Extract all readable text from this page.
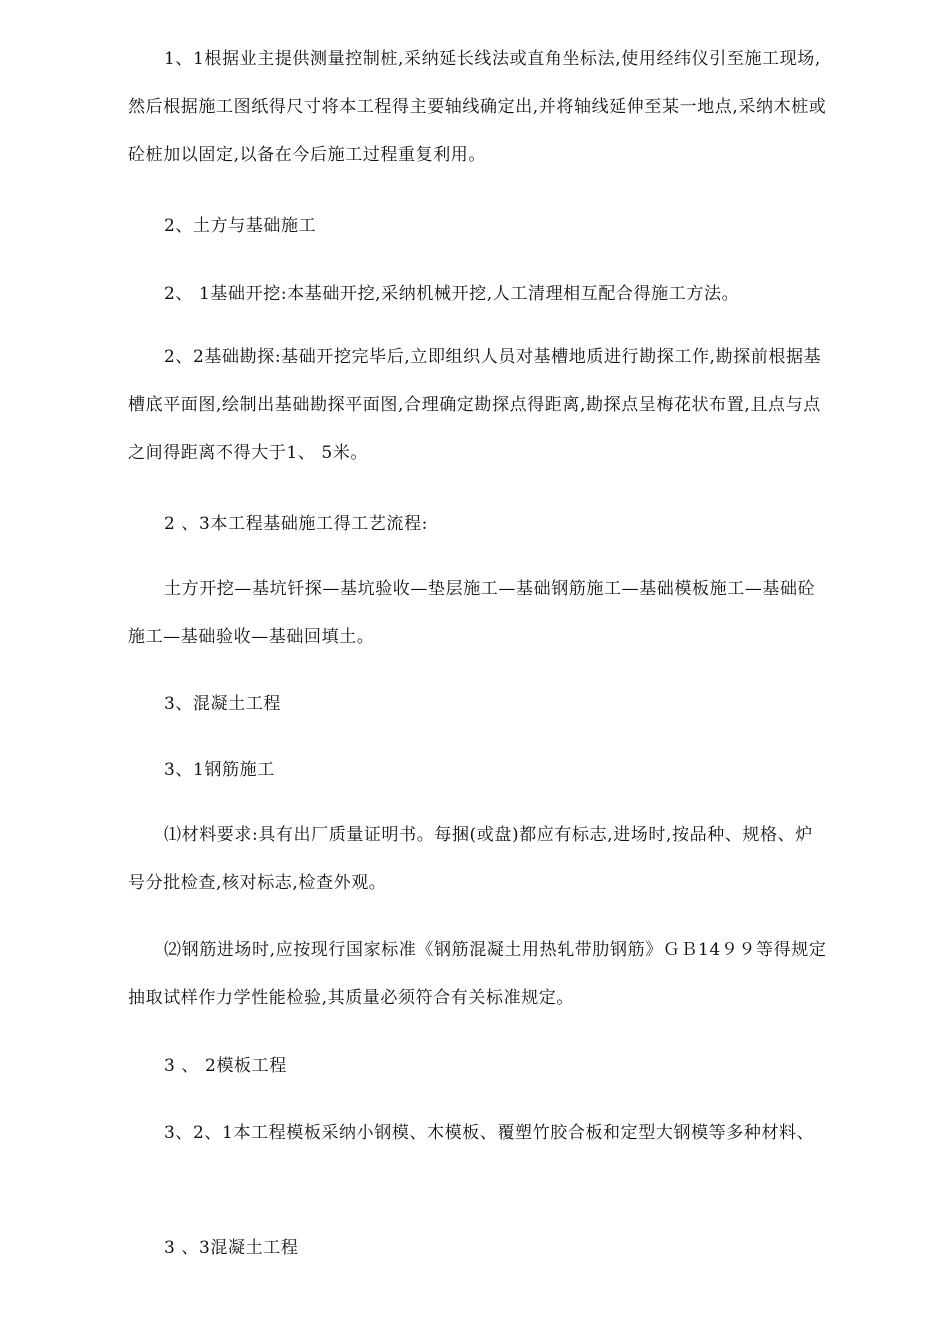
1、1根据业主提供测量控制桩,采纳延长线法或直角坐标法,使用经纬仪引至施工现场,然后根据施工图纸得尺寸将本工程得主要轴线确定出,并将轴线延伸至某一地点,采纳木桩或砼桩加以固定,以备在今后施工过程重复利用。

2、土方与基础施工

2、 1基础开挖:本基础开挖,采纳机械开挖,人工清理相互配合得施工方法。

2、2基础勘探:基础开挖完毕后,立即组织人员对基槽地质进行勘探工作,勘探前根据基槽底平面图,绘制出基础勘探平面图,合理确定勘探点得距离,勘探点呈梅花状布置,且点与点之间得距离不得大于1、 5米。

2 、3本工程基础施工得工艺流程:

土方开挖—基坑钎探—基坑验收—垫层施工—基础钢筋施工—基础模板施工—基础砼施工—基础验收—基础回填土。

3、混凝土工程

3、1钢筋施工

⑴材料要求:具有出厂质量证明书。每捆(或盘)都应有标志,进场时,按品种、规格、炉号分批检查,核对标志,检查外观。

⑵钢筋进场时,应按现行国家标准《钢筋混凝土用热轧带肋钢筋》ＧＢ14９９等得规定抽取试样作力学性能检验,其质量必须符合有关标准规定。

3 、 2模板工程

3、2、1本工程模板采纳小钢模、木模板、覆塑竹胶合板和定型大钢模等多种材料、

3 、3混凝土工程
